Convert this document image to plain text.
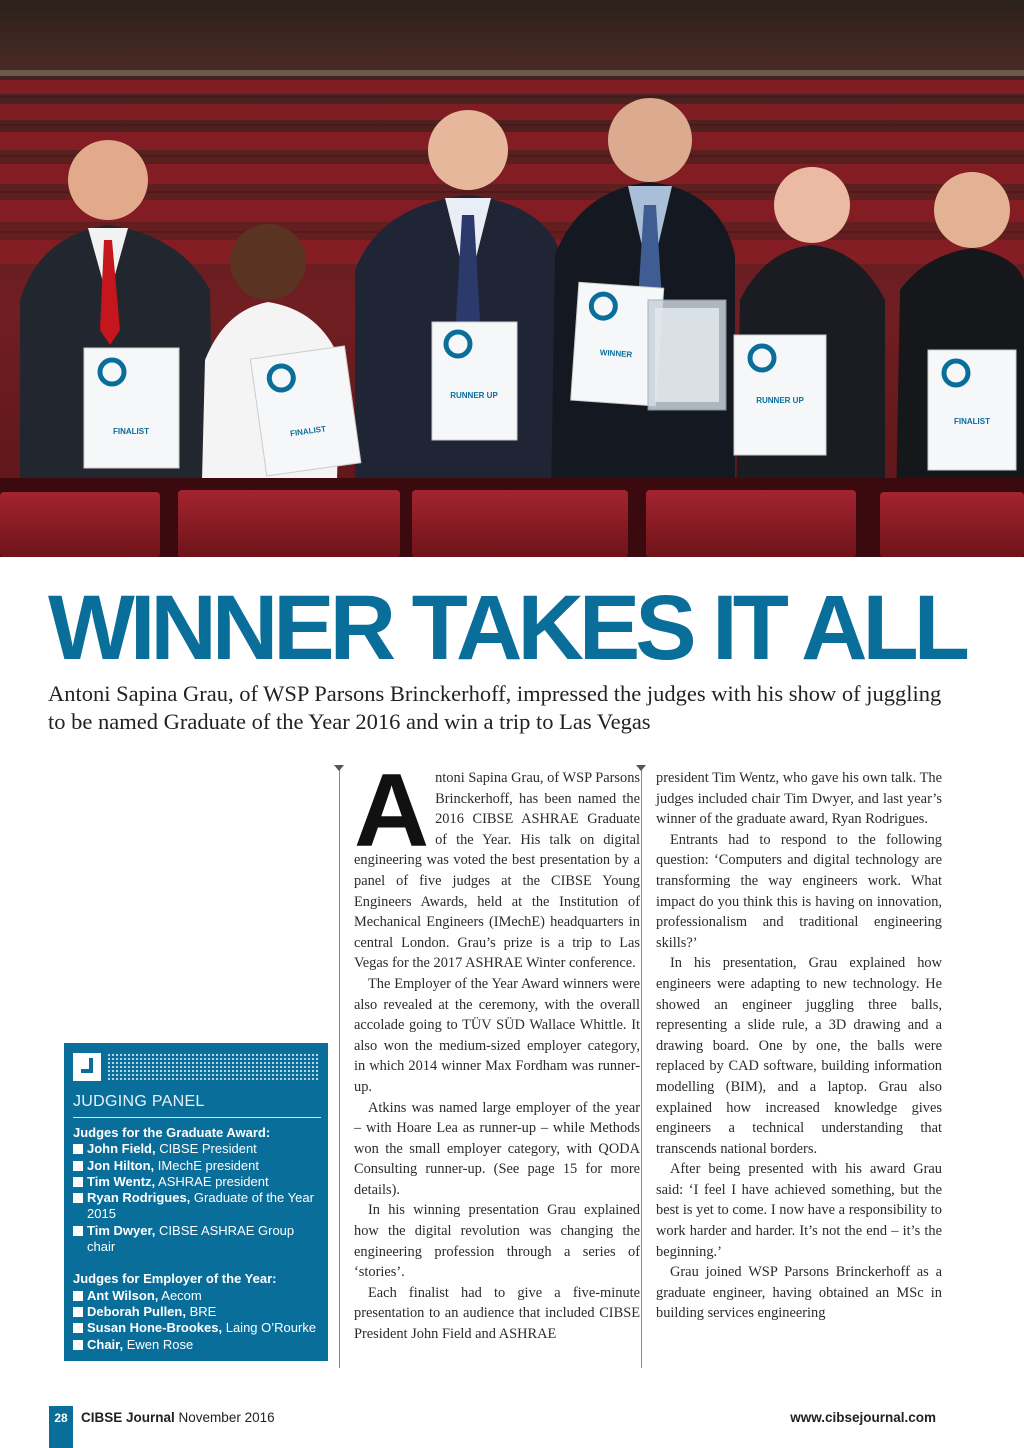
FINALIST	FINALIST
RUNNER UP
WINNER
RUNNER UP
FINALIST
WINNER TAKES IT ALL
Antoni Sapina Grau, of WSP Parsons Brinckerhoff, impressed the judges with his show of juggling to be named Graduate of the Year 2016 and win a trip to Las Vegas

Antoni Sapina Grau, of WSP Parsons Brinckerhoff, has been named the 2016 CIBSE ASHRAE Graduate of the Year. His talk on digital engineering was voted the best presentation by a panel of five judges at the CIBSE Young Engineers Awards, held at the Institution of Mechanical Engineers (IMechE) headquarters in central London. Grau’s prize is a trip to Las Vegas for the 2017 ASHRAE Winter conference.

The Employer of the Year Award winners were also revealed at the ceremony, with the overall accolade going to TÜV SÜD Wallace Whittle. It also won the medium-sized employer category, in which 2014 winner Max Fordham was runner-up.

Atkins was named large employer of the year – with Hoare Lea as runner-up – while Methods won the small employer category, with QODA Consulting runner-up. (See page 15 for more details).

In his winning presentation Grau explained how the digital revolution was changing the engineering profession through a series of ‘stories’.

Each finalist had to give a five-minute presentation to an audience that included CIBSE President John Field and ASHRAE

president Tim Wentz, who gave his own talk. The judges included chair Tim Dwyer, and last year’s winner of the graduate award, Ryan Rodrigues.

Entrants had to respond to the following question: ‘Computers and digital technology are transforming the way engineers work. What impact do you think this is having on innovation, professionalism and traditional engineering skills?’

In his presentation, Grau explained how engineers were adapting to new technology. He showed an engineer juggling three balls, representing a slide rule, a 3D drawing and a drawing board. One by one, the balls were replaced by CAD software, building information modelling (BIM), and a laptop. Grau also explained how increased knowledge gives engineers a technical understanding that transcends national borders.

After being presented with his award Grau said: ‘I feel I have achieved something, but the best is yet to come. I now have a responsibility to work harder and harder. It’s not the end – it’s the beginning.’

Grau joined WSP Parsons Brinckerhoff as a graduate engineer, having obtained an MSc in building services engineering

JUDGING PANEL

Judges for the Graduate Award:

John Field, CIBSE President
Jon Hilton, IMechE president
Tim Wentz, ASHRAE president
Ryan Rodrigues, Graduate of the Year 2015
Tim Dwyer, CIBSE ASHRAE Group chair

Judges for Employer of the Year:

Ant Wilson, Aecom
Deborah Pullen, BRE
Susan Hone-Brookes, Laing O’Rourke
Chair, Ewen Rose
28 CIBSE Journal November 2016	www.cibsejournal.com
